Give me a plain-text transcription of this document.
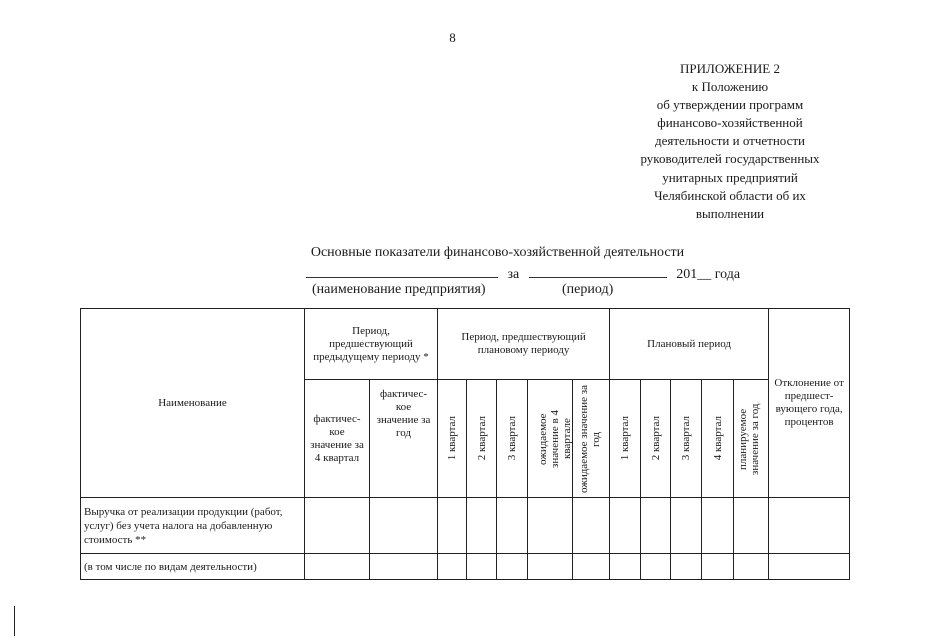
8
ПРИЛОЖЕНИЕ 2
к Положению
об утверждении программ
финансово-хозяйственной
деятельности и отчетности
руководителей государственных
унитарных предприятий
Челябинской области об их
выполнении
Основные показатели финансово-хозяйственной деятельности
за	201__ года
(наименование предприятия)	(период)
Наименование	Период, предшествующий предыдущему периоду *		Период, предшествующий плановому периоду					Плановый период					Отклонение от предшест-вующего года, процентов
	фактичес-кое значение за 4 квартал	фактичес-кое значение за год	1 квартал	2 квартал	3 квартал	ожидаемое значение в 4 квартале	ожидаемое значение за год	1 квартал	2 квартал	3 квартал	4 квартал	планируемое значение за год	

Выручка от реализации продукции (работ, услуг) без учета налога на добавленную стоимость **													
(в том числе по видам деятельности)													
